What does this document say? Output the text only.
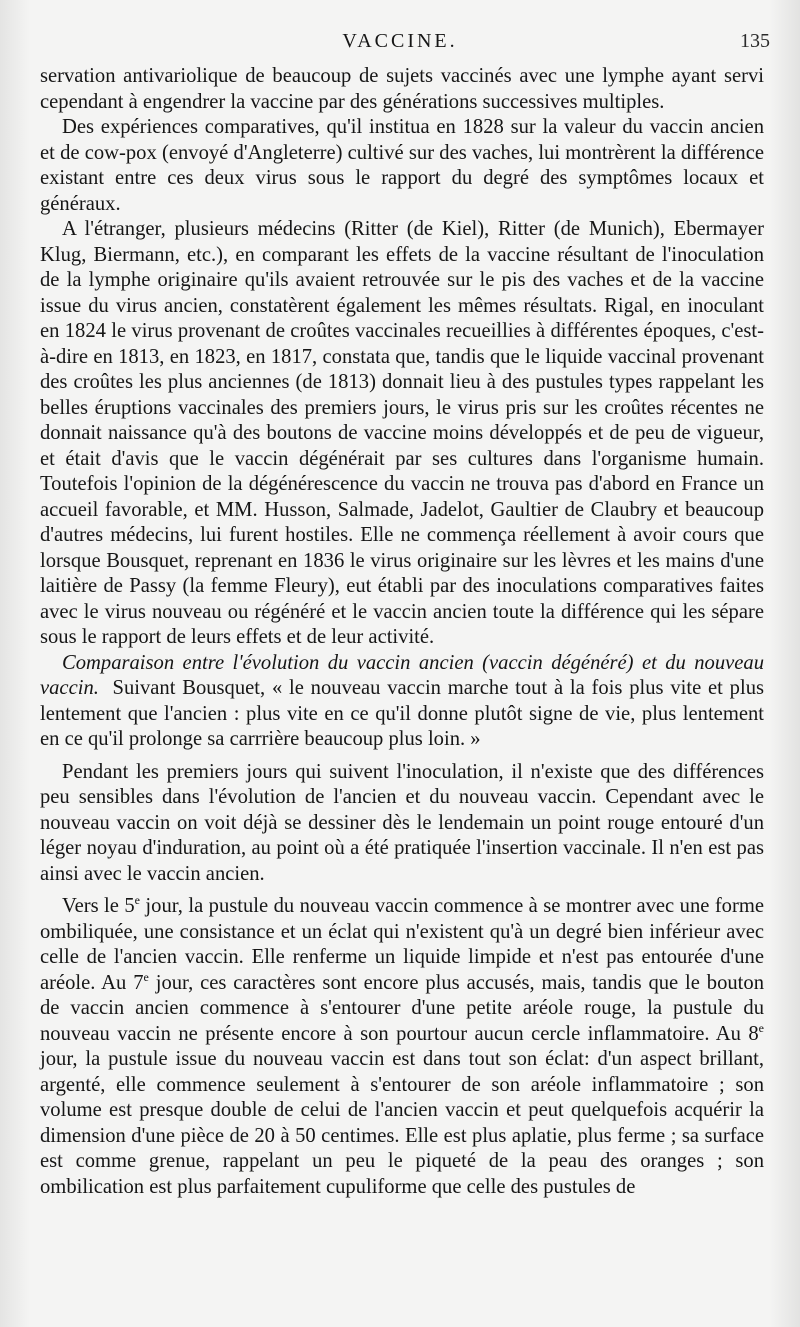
VACCINE.	135

servation antivariolique de beaucoup de sujets vaccinés avec une lymphe ayant servi cependant à engendrer la vaccine par des générations successives multiples.

Des expériences comparatives, qu'il institua en 1828 sur la valeur du vaccin ancien et de cow-pox (envoyé d'Angleterre) cultivé sur des vaches, lui montrèrent la différence existant entre ces deux virus sous le rapport du degré des symptômes locaux et généraux.

A l'étranger, plusieurs médecins (Ritter (de Kiel), Ritter (de Munich), Ebermayer Klug, Biermann, etc.), en comparant les effets de la vaccine résultant de l'inoculation de la lymphe originaire qu'ils avaient retrouvée sur le pis des vaches et de la vaccine issue du virus ancien, constatèrent également les mêmes résultats. Rigal, en inoculant en 1824 le virus provenant de croûtes vaccinales recueillies à différentes époques, c'est-à-dire en 1813, en 1823, en 1817, constata que, tandis que le liquide vaccinal provenant des croûtes les plus anciennes (de 1813) donnait lieu à des pustules types rappelant les belles éruptions vaccinales des premiers jours, le virus pris sur les croûtes récentes ne donnait naissance qu'à des boutons de vaccine moins développés et de peu de vigueur, et était d'avis que le vaccin dégénérait par ses cultures dans l'organisme humain. Toutefois l'opinion de la dégénérescence du vaccin ne trouva pas d'abord en France un accueil favorable, et MM. Husson, Salmade, Jadelot, Gaultier de Claubry et beaucoup d'autres médecins, lui furent hostiles. Elle ne commença réellement à avoir cours que lorsque Bousquet, reprenant en 1836 le virus originaire sur les lèvres et les mains d'une laitière de Passy (la femme Fleury), eut établi par des inoculations comparatives faites avec le virus nouveau ou régénéré et le vaccin ancien toute la différence qui les sépare sous le rapport de leurs effets et de leur activité.

Comparaison entre l'évolution du vaccin ancien (vaccin dégénéré) et du nouveau vaccin. Suivant Bousquet, « le nouveau vaccin marche tout à la fois plus vite et plus lentement que l'ancien : plus vite en ce qu'il donne plutôt signe de vie, plus lentement en ce qu'il prolonge sa carrrière beaucoup plus loin. »

Pendant les premiers jours qui suivent l'inoculation, il n'existe que des différences peu sensibles dans l'évolution de l'ancien et du nouveau vaccin. Cependant avec le nouveau vaccin on voit déjà se dessiner dès le lendemain un point rouge entouré d'un léger noyau d'induration, au point où a été pratiquée l'insertion vaccinale. Il n'en est pas ainsi avec le vaccin ancien.

Vers le 5e jour, la pustule du nouveau vaccin commence à se montrer avec une forme ombiliquée, une consistance et un éclat qui n'existent qu'à un degré bien inférieur avec celle de l'ancien vaccin. Elle renferme un liquide limpide et n'est pas entourée d'une aréole. Au 7e jour, ces caractères sont encore plus accusés, mais, tandis que le bouton de vaccin ancien commence à s'entourer d'une petite aréole rouge, la pustule du nouveau vaccin ne présente encore à son pourtour aucun cercle inflammatoire. Au 8e jour, la pustule issue du nouveau vaccin est dans tout son éclat: d'un aspect brillant, argenté, elle commence seulement à s'entourer de son aréole inflammatoire ; son volume est presque double de celui de l'ancien vaccin et peut quelquefois acquérir la dimension d'une pièce de 20 à 50 centimes. Elle est plus aplatie, plus ferme ; sa surface est comme grenue, rappelant un peu le piqueté de la peau des oranges ; son ombilication est plus parfaitement cupuliforme que celle des pustules de
